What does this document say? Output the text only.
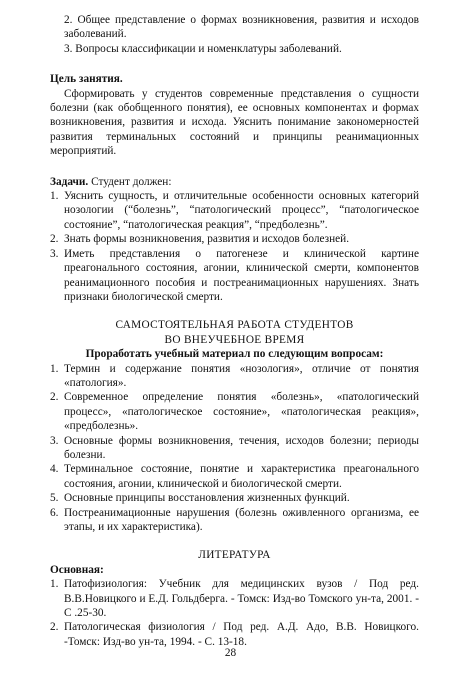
2. Общее представление о формах возникновения, развития и исходов заболеваний.

3. Вопросы классификации и номенклатуры заболеваний.

Цель занятия.

Сформировать у студентов современные представления о сущности болезни (как обобщенного понятия), ее основных компонентах и формах возникновения, развития и исхода. Уяснить понимание закономерностей развития терминальных состояний и принципы реанимационных мероприятий.

Задачи. Студент должен:

1. Уяснить сущность, и отличительные особенности основных категорий нозологии (“болезнь”, “патологический процесс”, “патологическое состояние”, “патологическая реакция”, “предболезнь”.
2. Знать формы возникновения, развития и исходов болезней.
3. Иметь представления о патогенезе и клинической картине преагонального состояния, агонии, клинической смерти, компонентов реанимационного пособия и постреанимационных нарушениях. Знать признаки биологической смерти.

САМОСТОЯТЕЛЬНАЯ РАБОТА СТУДЕНТОВ

ВО ВНЕУЧЕБНОЕ ВРЕМЯ

Проработать учебный материал по следующим вопросам:

1. Термин и содержание понятия «нозология», отличие от понятия «патология».
2. Современное определение понятия «болезнь», «патологический процесс», «патологическое состояние», «патологическая реакция», «предболезнь».
3. Основные формы возникновения, течения, исходов болезни; периоды болезни.
4. Терминальное состояние, понятие и характеристика преагонального состояния, агонии, клинической и биологической смерти.
5. Основные принципы восстановления жизненных функций.
6. Постреанимационные нарушения (болезнь оживленного организма, ее этапы, и их характеристика).

ЛИТЕРАТУРА

Основная:

1. Патофизиология: Учебник для медицинских вузов / Под ред. В.В.Новицкого и Е.Д. Гольдберга. - Томск: Изд-во Томского ун-та, 2001. - С .25-30.
2. Патологическая физиология / Под ред. А.Д. Адо, В.В. Новицкого. -Томск: Изд-во ун-та, 1994. - С. 13-18.
28
